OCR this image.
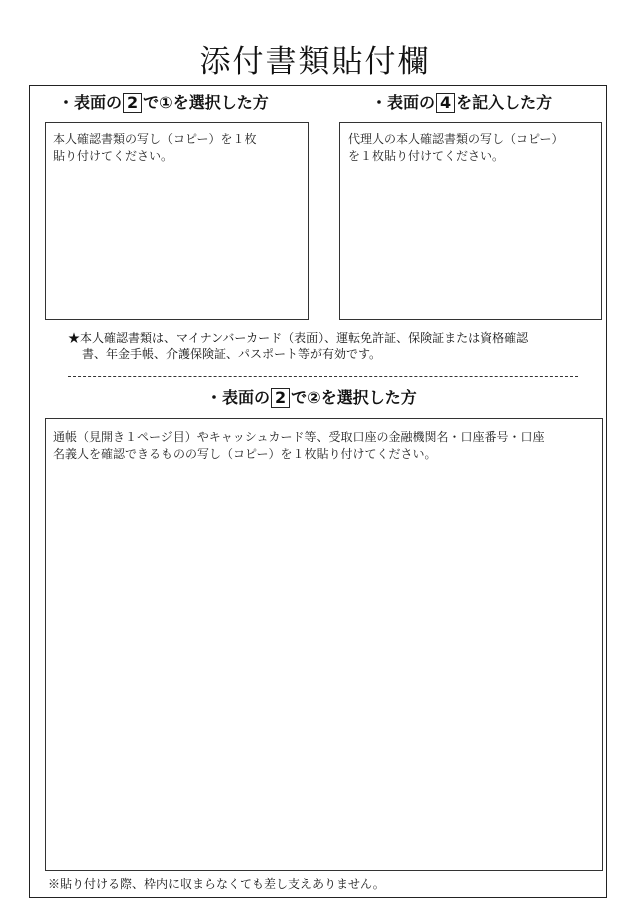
添付書類貼付欄
・表面の 2 で①を選択した方	・表面の 4 を記入した方
本人確認書類の写し（コピー）を１枚
貼り付けてください。
代理人の本人確認書類の写し（コピー）
を１枚貼り付けてください。
★本人確認書類は、マイナンバーカード（表面）、運転免許証、保険証または資格確認
書、年金手帳、介護保険証、パスポート等が有効です。
・表面の 2 で②を選択した方
通帳（見開き１ページ目）やキャッシュカード等、受取口座の金融機関名・口座番号・口座
名義人を確認できるものの写し（コピー）を１枚貼り付けてください。
※貼り付ける際、枠内に収まらなくても差し支えありません。
